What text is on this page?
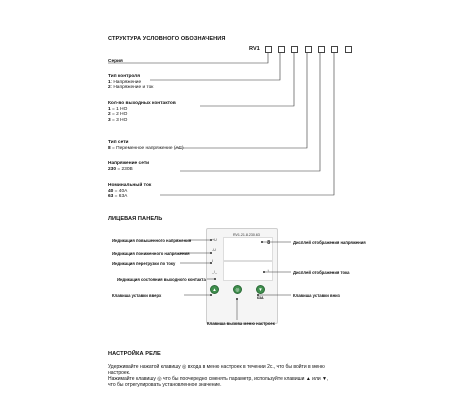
СТРУКТУРА УСЛОВНОГО ОБОЗНАЧЕНИЯ
RV1
Серия
Тип контроля
1: Напряжение
2: Напряжение и ток
Кол-во выходных контактов
1 = 1 НО
2 = 2 НО
3 = 3 НО
Тип сети
8 = Переменное напряжение (АС)
Напряжение сети
230 = 230В
Номинальный ток
40 = 40А
63 = 63А
ЛИЦЕВАЯ ПАНЕЛЬ
RV1.21.8.230.63
+U
-U
I
_/_
8
↑
▲	◎	▼
63A
Индикация повышенного напряжения
Индикация пониженного напряжения
Индикация перегрузки по току
Индикация состояния выходного контакта
Клавиша уставки вверх
Дисплей отображения напряжения
Дисплей отображения тока
Клавиша уставки вниз
Клавиша вызова меню настроек
НАСТРОЙКА РЕЛЕ
Удерживайте нажатой клавишу ◎ входа в меню настроек в течении 2с., что бы войти в меню
настроек.
Нажимайте клавишу ◎ что бы поочередно сменять параметр, используйте клавиши ▲ или ▼,
что бы отрегулировать установленное значение.
